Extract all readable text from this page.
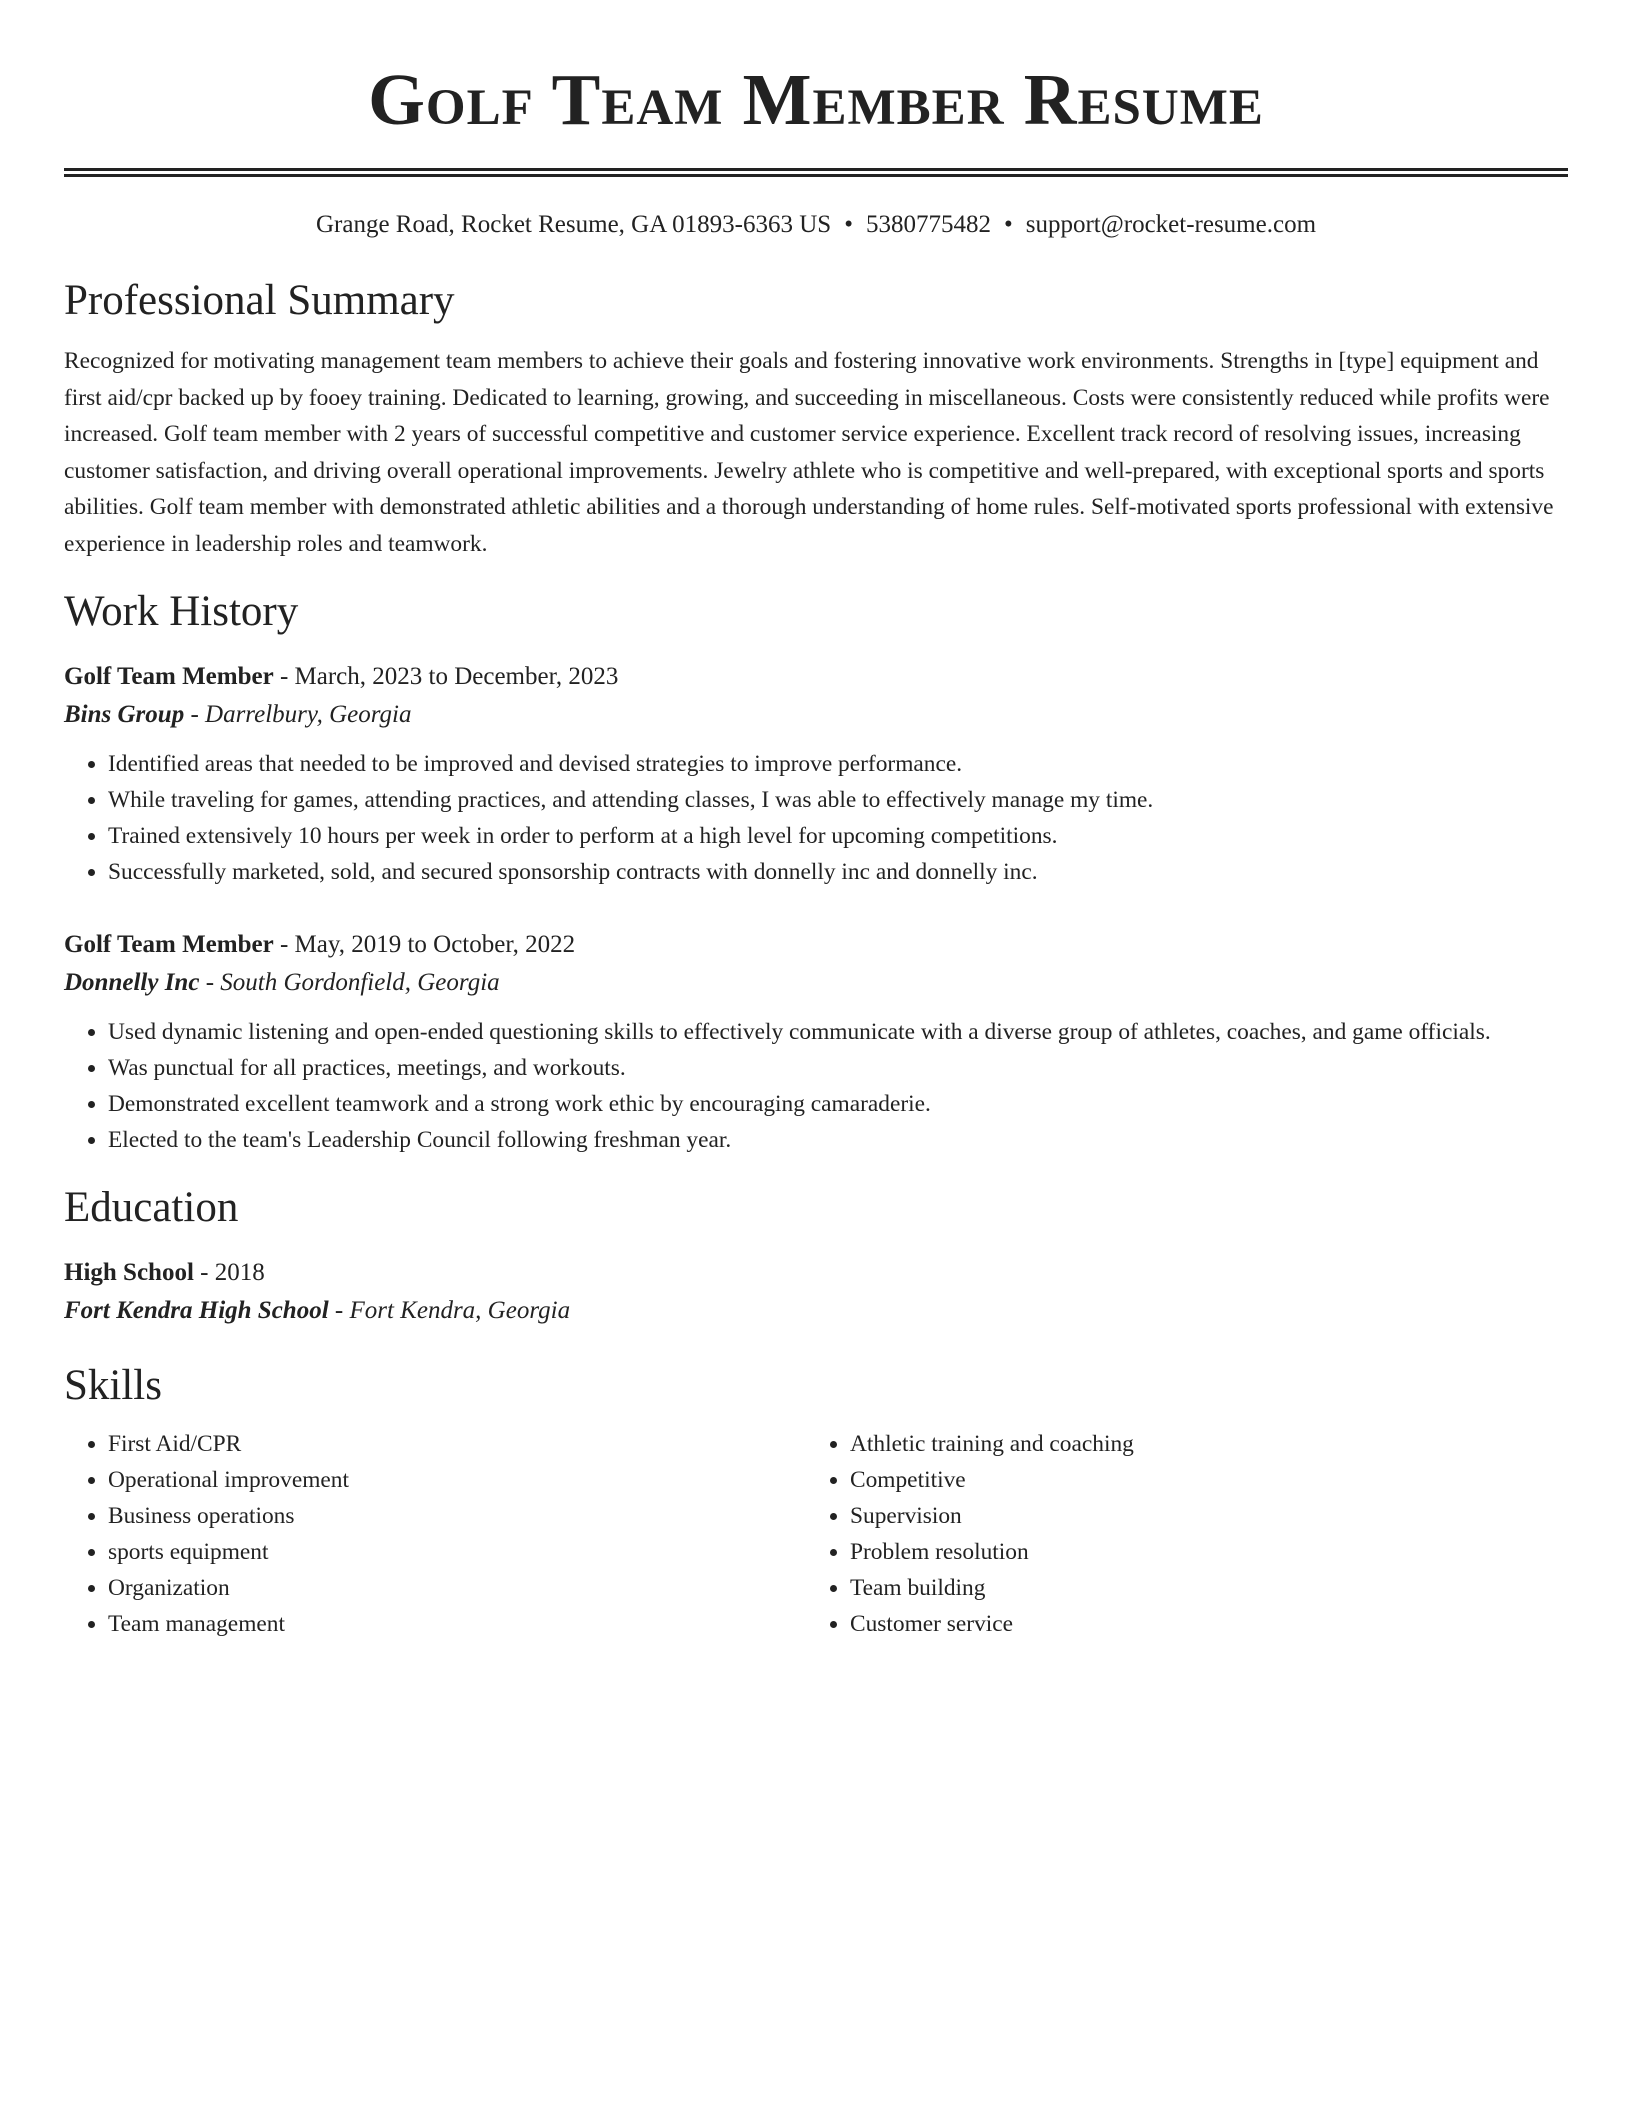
Golf Team Member Resume
Grange Road, Rocket Resume, GA 01893-6363 US • 5380775482 • support@rocket-resume.com
Professional Summary

Recognized for motivating management team members to achieve their goals and fostering innovative work environments. Strengths in [type] equipment and first aid/cpr backed up by fooey training. Dedicated to learning, growing, and succeeding in miscellaneous. Costs were consistently reduced while profits were increased. Golf team member with 2 years of successful competitive and customer service experience. Excellent track record of resolving issues, increasing customer satisfaction, and driving overall operational improvements. Jewelry athlete who is competitive and well-prepared, with exceptional sports and sports abilities. Golf team member with demonstrated athletic abilities and a thorough understanding of home rules. Self-motivated sports professional with extensive experience in leadership roles and teamwork.

Work History
Golf Team Member - March, 2023 to December, 2023
Bins Group - Darrelbury, Georgia
• Identified areas that needed to be improved and devised strategies to improve performance.
• While traveling for games, attending practices, and attending classes, I was able to effectively manage my time.
• Trained extensively 10 hours per week in order to perform at a high level for upcoming competitions.
• Successfully marketed, sold, and secured sponsorship contracts with donnelly inc and donnelly inc.
Golf Team Member - May, 2019 to October, 2022
Donnelly Inc - South Gordonfield, Georgia
• Used dynamic listening and open-ended questioning skills to effectively communicate with a diverse group of athletes, coaches, and game officials.
• Was punctual for all practices, meetings, and workouts.
• Demonstrated excellent teamwork and a strong work ethic by encouraging camaraderie.
• Elected to the team's Leadership Council following freshman year.
Education
High School - 2018
Fort Kendra High School - Fort Kendra, Georgia
Skills
• First Aid/CPR
• Operational improvement
• Business operations
• sports equipment
• Organization
• Team management
• Athletic training and coaching
• Competitive
• Supervision
• Problem resolution
• Team building
• Customer service
